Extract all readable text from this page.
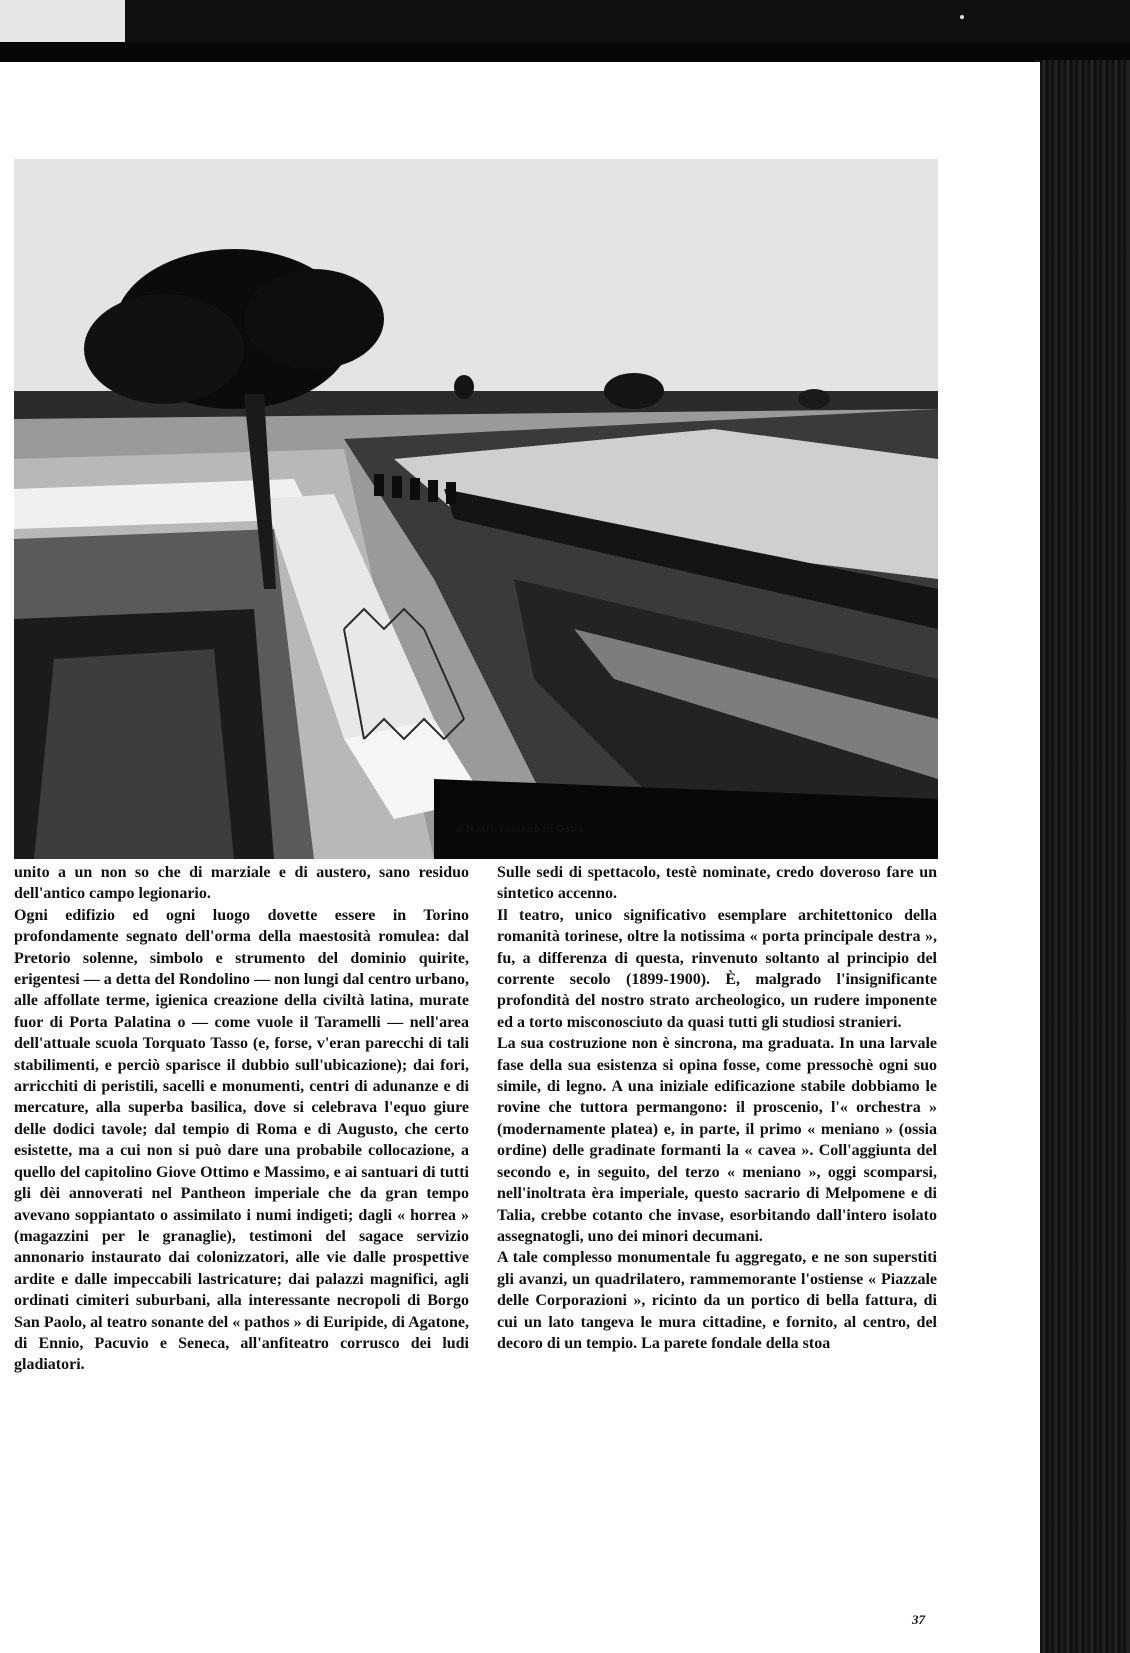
Il teatro romano di Ostia

unito a un non so che di marziale e di austero, sano residuo dell'antico campo legionario.

Ogni edifizio ed ogni luogo dovette essere in Torino profondamente segnato dell'orma della maestosità romulea: dal Pretorio solenne, simbolo e strumento del dominio quirite, erigentesi — a detta del Rondolino — non lungi dal centro urbano, alle affollate terme, igienica creazione della civiltà latina, murate fuor di Porta Palatina o — come vuole il Taramelli — nell'area dell'attuale scuola Torquato Tasso (e, forse, v'eran parecchi di tali stabilimenti, e perciò sparisce il dubbio sull'ubicazione); dai fori, arricchiti di peristili, sacelli e monumenti, centri di adunanze e di mercature, alla superba basilica, dove si celebrava l'equo giure delle dodici tavole; dal tempio di Roma e di Augusto, che certo esistette, ma a cui non si può dare una probabile collocazione, a quello del capitolino Giove Ottimo e Massimo, e ai santuari di tutti gli dèi annoverati nel Pantheon imperiale che da gran tempo avevano soppiantato o assimilato i numi indigeti; dagli « horrea » (magazzini per le granaglie), testimoni del sagace servizio annonario instaurato dai colonizzatori, alle vie dalle prospettive ardite e dalle impeccabili lastricature; dai palazzi magnifici, agli ordinati cimiteri suburbani, alla interessante necropoli di Borgo San Paolo, al teatro sonante del « pathos » di Euripide, di Agatone, di Ennio, Pacuvio e Seneca, all'anfiteatro corrusco dei ludi gladiatori.

Sulle sedi di spettacolo, testè nominate, credo doveroso fare un sintetico accenno.

Il teatro, unico significativo esemplare architettonico della romanità torinese, oltre la notissima « porta principale destra », fu, a differenza di questa, rinvenuto soltanto al principio del corrente secolo (1899-1900). È, malgrado l'insignificante profondità del nostro strato archeologico, un rudere imponente ed a torto misconosciuto da quasi tutti gli studiosi stranieri.

La sua costruzione non è sincrona, ma graduata. In una larvale fase della sua esistenza si opina fosse, come pressochè ogni suo simile, di legno. A una iniziale edificazione stabile dobbiamo le rovine che tuttora permangono: il proscenio, l'« orchestra » (modernamente platea) e, in parte, il primo « meniano » (ossia ordine) delle gradinate formanti la « cavea ». Coll'aggiunta del secondo e, in seguito, del terzo « meniano », oggi scomparsi, nell'inoltrata èra imperiale, questo sacrario di Melpomene e di Talia, crebbe cotanto che invase, esorbitando dall'intero isolato assegnatogli, uno dei minori decumani.

A tale complesso monumentale fu aggregato, e ne son superstiti gli avanzi, un quadrilatero, rammemorante l'ostiense « Piazzale delle Corporazioni », ricinto da un portico di bella fattura, di cui un lato tangeva le mura cittadine, e fornito, al centro, del decoro di un tempio. La parete fondale della stoa

37
